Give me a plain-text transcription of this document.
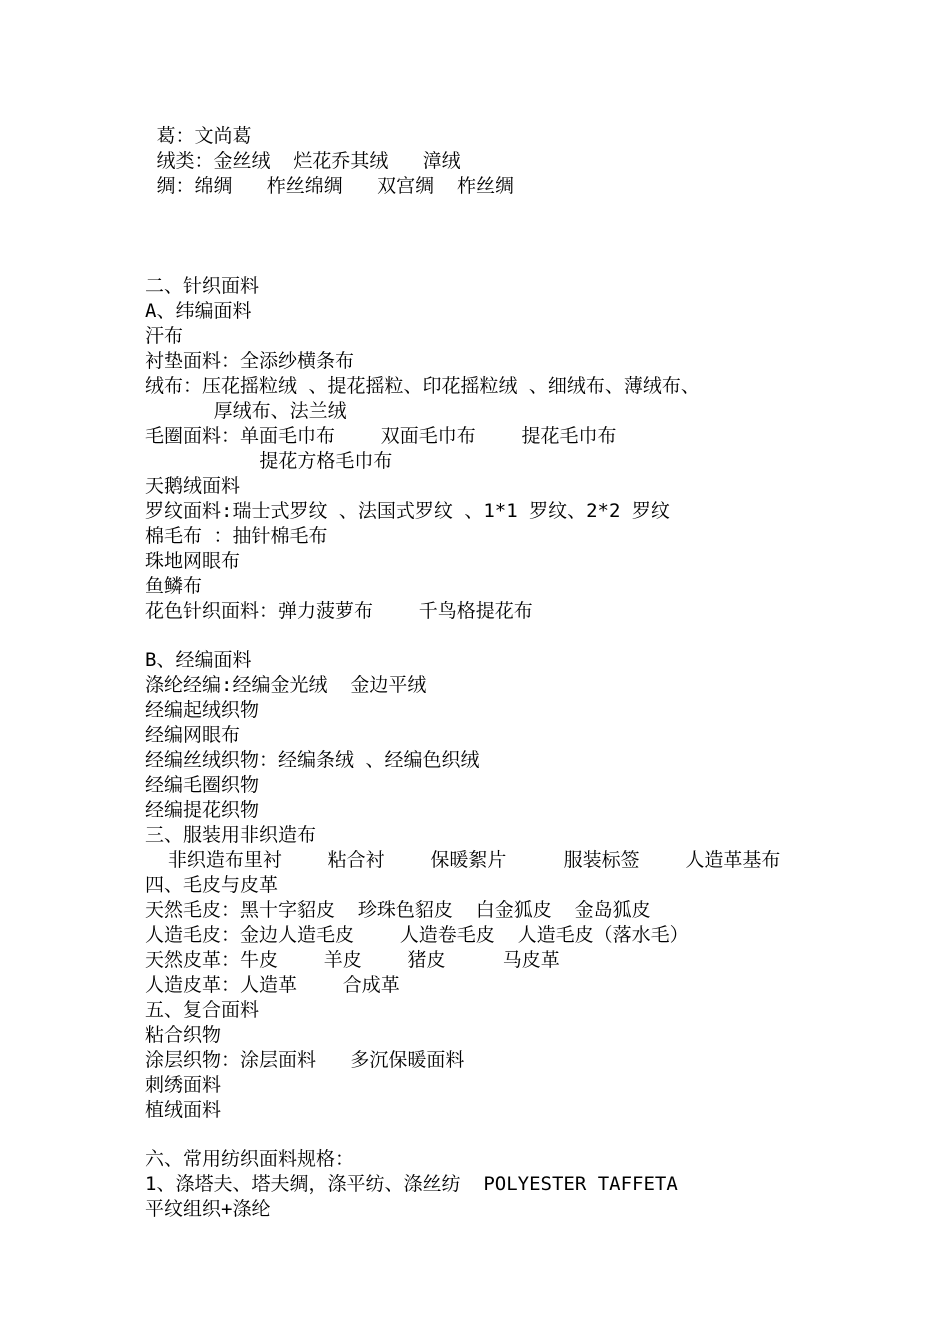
葛：文尚葛
绒类：金丝绒  烂花乔其绒   漳绒
绸：绵绸   柞丝绵绸   双宫绸  柞丝绸
二、针织面料
A、纬编面料
汗布
衬垫面料：全添纱横条布
绒布：压花摇粒绒 、提花摇粒、印花摇粒绒 、细绒布、薄绒布、
厚绒布、法兰绒
毛圈面料：单面毛巾布    双面毛巾布    提花毛巾布
提花方格毛巾布
天鹅绒面料
罗纹面料:瑞士式罗纹 、法国式罗纹 、1*1 罗纹、2*2 罗纹
棉毛布 ：抽针棉毛布
珠地网眼布
鱼鳞布
花色针织面料：弹力菠萝布    千鸟格提花布
B、经编面料
涤纶经编:经编金光绒  金边平绒
经编起绒织物
经编网眼布
经编丝绒织物：经编条绒 、经编色织绒
经编毛圈织物
经编提花织物
三、服装用非织造布
非织造布里衬    粘合衬    保暖絮片     服装标签    人造革基布
四、毛皮与皮革
天然毛皮：黑十字貂皮  珍珠色貂皮  白金狐皮  金岛狐皮
人造毛皮：金边人造毛皮    人造卷毛皮  人造毛皮（落水毛）
天然皮革：牛皮    羊皮    猪皮     马皮革
人造皮革：人造革    合成革
五、复合面料
粘合织物
涂层织物：涂层面料   多沉保暖面料
刺绣面料
植绒面料
六、常用纺织面料规格：
1、涤塔夫、塔夫绸，涤平纺、涤丝纺  POLYESTER TAFFETA
平纹组织+涤纶
